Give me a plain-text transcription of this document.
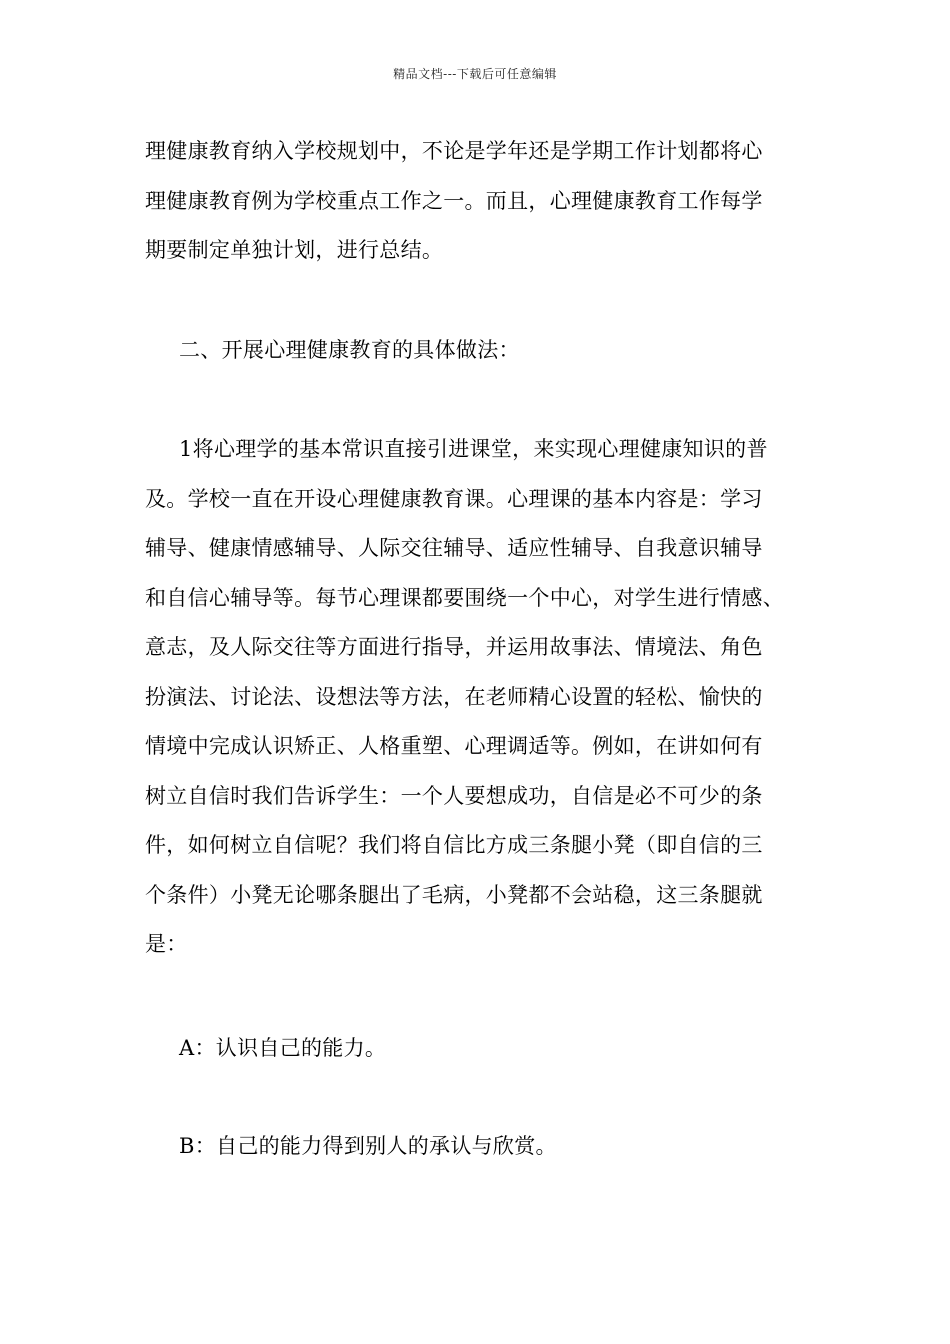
精品文档---下载后可任意编辑
理健康教育纳入学校规划中，不论是学年还是学期工作计划都将心
理健康教育例为学校重点工作之一。而且，心理健康教育工作每学
期要制定单独计划，进行总结。
二、开展心理健康教育的具体做法：
1将心理学的基本常识直接引进课堂，来实现心理健康知识的普
及。学校一直在开设心理健康教育课。心理课的基本内容是：学习
辅导、健康情感辅导、人际交往辅导、适应性辅导、自我意识辅导
和自信心辅导等。每节心理课都要围绕一个中心，对学生进行情感、
意志，及人际交往等方面进行指导，并运用故事法、情境法、角色
扮演法、讨论法、设想法等方法，在老师精心设置的轻松、愉快的
情境中完成认识矫正、人格重塑、心理调适等。例如，在讲如何有
树立自信时我们告诉学生：一个人要想成功，自信是必不可少的条
件，如何树立自信呢？我们将自信比方成三条腿小凳（即自信的三
个条件）小凳无论哪条腿出了毛病，小凳都不会站稳，这三条腿就
是：
A：认识自己的能力。
B：自己的能力得到别人的承认与欣赏。
